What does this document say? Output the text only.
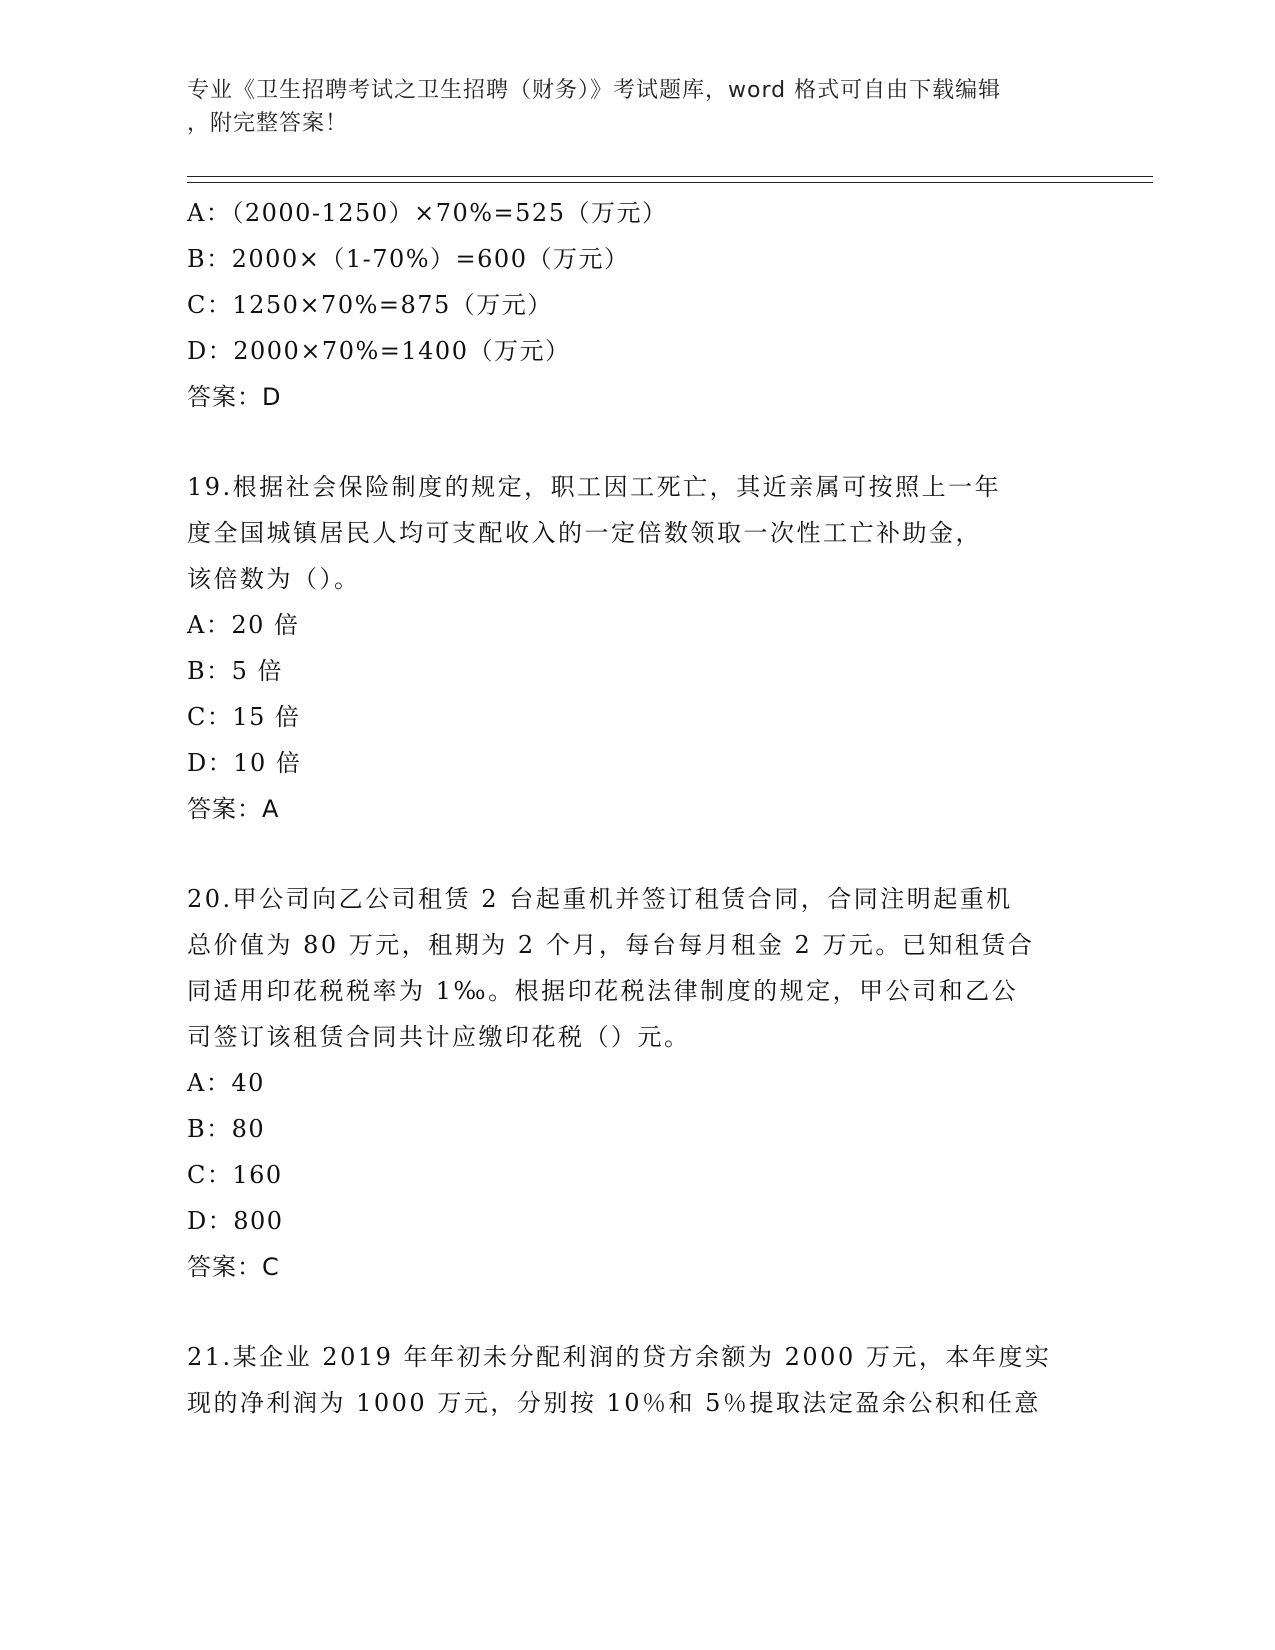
专业《卫生招聘考试之卫生招聘（财务）》考试题库，word 格式可自由下载编辑
，附完整答案！
A：（2000-1250）×70%=525（万元）
B：2000×（1-70%）=600（万元）
C：1250×70%=875（万元）
D：2000×70%=1400（万元）
答案：D
19.根据社会保险制度的规定，职工因工死亡，其近亲属可按照上一年
度全国城镇居民人均可支配收入的一定倍数领取一次性工亡补助金，
该倍数为（）。
A：20 倍
B：5 倍
C：15 倍
D：10 倍
答案：A
20.甲公司向乙公司租赁 2 台起重机并签订租赁合同，合同注明起重机
总价值为 80 万元，租期为 2 个月，每台每月租金 2 万元。已知租赁合
同适用印花税税率为 1‰。根据印花税法律制度的规定，甲公司和乙公
司签订该租赁合同共计应缴印花税（）元。
A：40
B：80
C：160
D：800
答案：C
21.某企业 2019 年年初未分配利润的贷方余额为 2000 万元，本年度实
现的净利润为 1000 万元，分别按 10％和 5％提取法定盈余公积和任意
